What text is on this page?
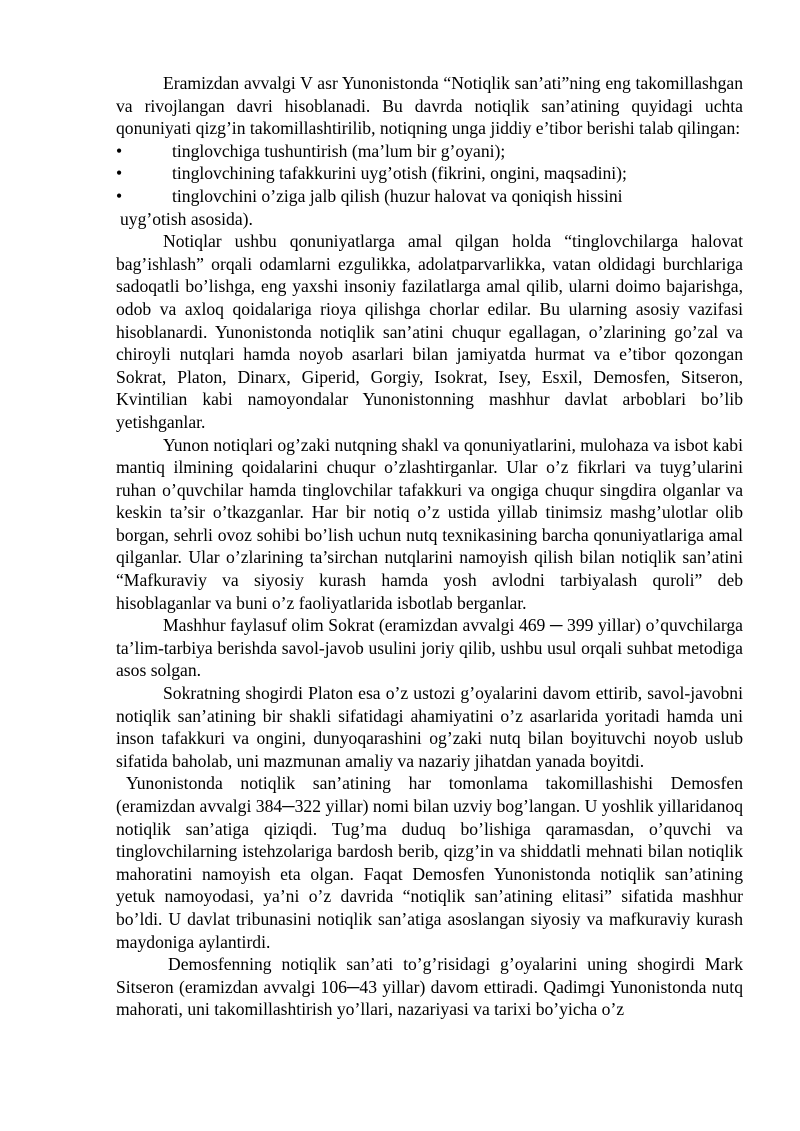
Eramizdan avvalgi V asr Yunonistonda “Notiqlik san’ati”ning eng takomillashgan va rivojlangan davri hisoblanadi. Bu davrda notiqlik san’atining quyidagi uchta qonuniyati qizg’in takomillashtirilib, notiqning unga jiddiy e’tibor berishi talab qilingan:

•	tinglovchiga tushuntirish (ma’lum bir g’oyani);
•	tinglovchining tafakkurini uyg’otish (fikrini, ongini, maqsadini);
•	tinglovchini o’ziga jalb qilish (huzur halovat va qoniqish hissini

uyg’otish asosida).

Notiqlar ushbu qonuniyatlarga amal qilgan holda “tinglovchilarga halovat bag’ishlash” orqali odamlarni ezgulikka, adolatparvarlikka, vatan oldidagi burchlariga sadoqatli bo’lishga, eng yaxshi insoniy fazilatlarga amal qilib, ularni doimo bajarishga, odob va axloq qoidalariga rioya qilishga chorlar edilar. Bu ularning asosiy vazifasi hisoblanardi. Yunonistonda notiqlik san’atini chuqur egallagan, o’zlarining go’zal va chiroyli nutqlari hamda noyob asarlari bilan jamiyatda hurmat va e’tibor qozongan Sokrat, Platon, Dinarx, Giperid, Gorgiy, Isokrat, Isey, Esxil, Demosfen, Sitseron, Kvintilian kabi namoyondalar Yunonistonning mashhur davlat arboblari bo’lib yetishganlar.

Yunon notiqlari og’zaki nutqning shakl va qonuniyatlarini, mulohaza va isbot kabi mantiq ilmining qoidalarini chuqur o’zlashtirganlar. Ular o’z fikrlari va tuyg’ularini ruhan o’quvchilar hamda tinglovchilar tafakkuri va ongiga chuqur singdira olganlar va keskin ta’sir o’tkazganlar. Har bir notiq o’z ustida yillab tinimsiz mashg’ulotlar olib borgan, sehrli ovoz sohibi bo’lish uchun nutq texnikasining barcha qonuniyatlariga amal qilganlar. Ular o’zlarining ta’sirchan nutqlarini namoyish qilish bilan notiqlik san’atini “Mafkuraviy va siyosiy kurash hamda yosh avlodni tarbiyalash quroli” deb hisoblaganlar va buni o’z faoliyatlarida isbotlab berganlar.

Mashhur faylasuf olim Sokrat (eramizdan avvalgi 469 ─ 399 yillar) o’quvchilarga ta’lim-tarbiya berishda savol-javob usulini joriy qilib, ushbu usul orqali suhbat metodiga asos solgan.

Sokratning shogirdi Platon esa o’z ustozi g’oyalarini davom ettirib, savol-javobni notiqlik san’atining bir shakli sifatidagi ahamiyatini o’z asarlarida yoritadi hamda uni inson tafakkuri va ongini, dunyoqarashini og’zaki nutq bilan boyituvchi noyob uslub sifatida baholab, uni mazmunan amaliy va nazariy jihatdan yanada boyitdi.

Yunonistonda notiqlik san’atining har tomonlama takomillashishi Demosfen (eramizdan avvalgi 384─322 yillar) nomi bilan uzviy bog’langan. U yoshlik yillaridanoq notiqlik san’atiga qiziqdi. Tug’ma duduq bo’lishiga qaramasdan, o’quvchi va tinglovchilarning istehzolariga bardosh berib, qizg’in va shiddatli mehnati bilan notiqlik mahoratini namoyish eta olgan. Faqat Demosfen Yunonistonda notiqlik san’atining yetuk namoyodasi, ya’ni o’z davrida “notiqlik san’atining elitasi” sifatida mashhur bo’ldi. U davlat tribunasini notiqlik san’atiga asoslangan siyosiy va mafkuraviy kurash maydoniga aylantirdi.

Demosfenning notiqlik san’ati to’g’risidagi g’oyalarini uning shogirdi Mark Sitseron (eramizdan avvalgi 106─43 yillar) davom ettiradi. Qadimgi Yunonistonda nutq mahorati, uni takomillashtirish yo’llari, nazariyasi va tarixi bo’yicha o’z
